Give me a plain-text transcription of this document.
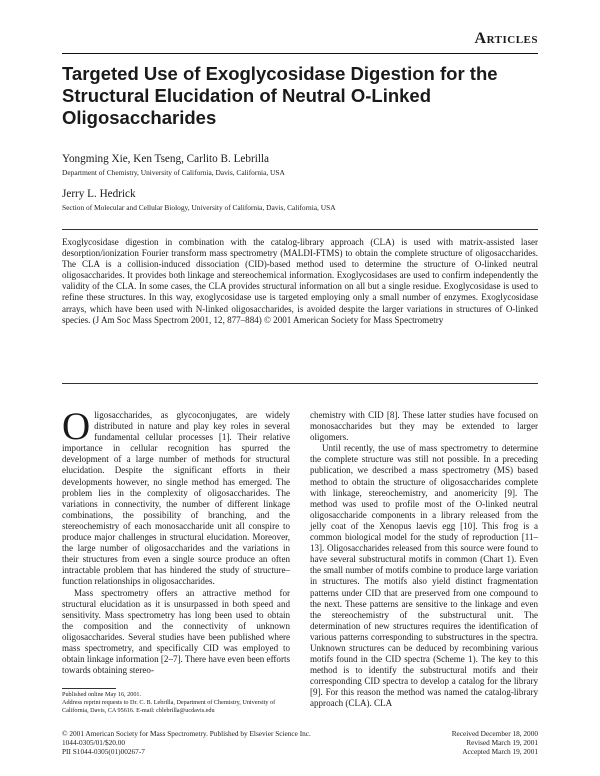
Articles
Targeted Use of Exoglycosidase Digestion for the Structural Elucidation of Neutral O-Linked Oligosaccharides

Yongming Xie, Ken Tseng, Carlito B. Lebrilla

Department of Chemistry, University of California, Davis, California, USA

Jerry L. Hedrick

Section of Molecular and Cellular Biology, University of California, Davis, California, USA

Exoglycosidase digestion in combination with the catalog-library approach (CLA) is used with matrix-assisted laser desorption/ionization Fourier transform mass spectrometry (MALDI-FTMS) to obtain the complete structure of oligosaccharides. The CLA is a collision-induced dissociation (CID)-based method used to determine the structure of O-linked neutral oligosaccharides. It provides both linkage and stereochemical information. Exoglycosidases are used to confirm independently the validity of the CLA. In some cases, the CLA provides structural information on all but a single residue. Exoglycosidase is used to refine these structures. In this way, exoglycosidase use is targeted employing only a small number of enzymes. Exoglycosidase arrays, which have been used with N-linked oligosaccharides, is avoided despite the larger variations in structures of O-linked species. (J Am Soc Mass Spectrom 2001, 12, 877–884) © 2001 American Society for Mass Spectrometry

Oligosaccharides, as glycoconjugates, are widely distributed in nature and play key roles in several fundamental cellular processes [1]. Their relative importance in cellular recognition has spurred the development of a large number of methods for structural elucidation. Despite the significant efforts in their developments however, no single method has emerged. The problem lies in the complexity of oligosaccharides. The variations in connectivity, the number of different linkage combinations, the possibility of branching, and the stereochemistry of each monosaccharide unit all conspire to produce major challenges in structural elucidation. Moreover, the large number of oligosaccharides and the variations in their structures from even a single source produce an often intractable problem that has hindered the study of structure–function relationships in oligosaccharides.

Mass spectrometry offers an attractive method for structural elucidation as it is unsurpassed in both speed and sensitivity. Mass spectrometry has long been used to obtain the composition and the connectivity of unknown oligosaccharides. Several studies have been published where mass spectrometry, and specifically CID was employed to obtain linkage information [2–7]. There have even been efforts towards obtaining stereo-

chemistry with CID [8]. These latter studies have focused on monosaccharides but they may be extended to larger oligomers.

Until recently, the use of mass spectrometry to determine the complete structure was still not possible. In a preceding publication, we described a mass spectrometry (MS) based method to obtain the structure of oligosaccharides complete with linkage, stereochemistry, and anomericity [9]. The method was used to profile most of the O-linked neutral oligosaccharide components in a library released from the jelly coat of the Xenopus laevis egg [10]. This frog is a common biological model for the study of reproduction [11–13]. Oligosaccharides released from this source were found to have several substructural motifs in common (Chart 1). Even the small number of motifs combine to produce large variation in structures. The motifs also yield distinct fragmentation patterns under CID that are preserved from one compound to the next. These patterns are sensitive to the linkage and even the stereochemistry of the substructural unit. The determination of new structures requires the identification of various patterns corresponding to substructures in the spectra. Unknown structures can be deduced by recombining various motifs found in the CID spectra (Scheme 1). The key to this method is to identify the substructural motifs and their corresponding CID spectra to develop a catalog for the library [9]. For this reason the method was named the catalog-library approach (CLA). CLA

Published online May 16, 2001.

Address reprint requests to Dr. C. B. Lebrilla, Department of Chemistry, University of California, Davis, CA 95616. E-mail: cblebrilla@ucdavis.edu

© 2001 American Society for Mass Spectrometry. Published by Elsevier Science Inc.

1044-0305/01/$20.00

PII S1044-0305(01)00267-7

Received December 18, 2000

Revised March 19, 2001

Accepted March 19, 2001
